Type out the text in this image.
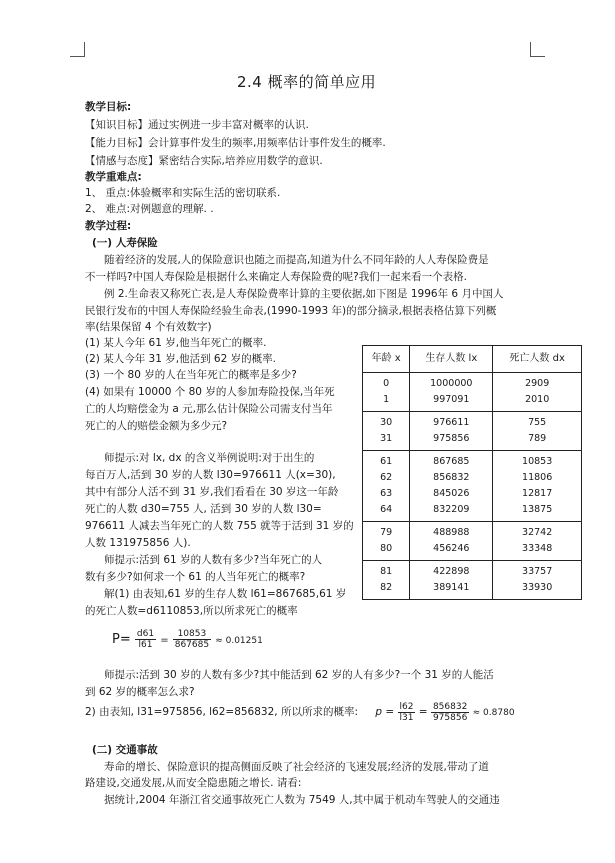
2.4 概率的简单应用
教学目标:
【知识目标】通过实例进一步丰富对概率的认识.
【能力目标】会计算事件发生的频率,用频率估计事件发生的概率.
【情感与态度】紧密结合实际,培养应用数学的意识.
教学重难点:
1、 重点:体验概率和实际生活的密切联系.
2、 难点:对例题意的理解. .
教学过程:
(一) 人寿保险
随着经济的发展,人的保险意识也随之而提高,知道为什么不同年龄的人人寿保险费是
不一样吗?中国人寿保险是根据什么来确定人寿保险费的呢?我们一起来看一个表格.
例 2.生命表又称死亡表,是人寿保险费率计算的主要依据,如下图是 1996年 6 月中国人
民银行发布的中国人寿保险经验生命表,(1990-1993 年)的部分摘录,根据表格估算下列概
率(结果保留 4 个有效数字)
(1) 某人今年 61 岁,他当年死亡的概率.
(2) 某人今年 31 岁,他活到 62 岁的概率.
(3) 一个 80 岁的人在当年死亡的概率是多少?
(4) 如果有 10000 个 80 岁的人参加寿险投保,当年死
亡的人均赔偿金为 a 元,那么估计保险公司需支付当年
死亡的人的赔偿金额为多少元?
师提示:对 lx, dx 的含义举例说明:对于出生的
每百万人,活到 30 岁的人数 l30=976611 人(x=30),
其中有部分人活不到 31 岁,我们看看在 30 岁这一年龄
死亡的人数 d30=755 人, 活到 30 岁的人数 l30=
976611 人减去当年死亡的人数 755 就等于活到 31 岁的
人数 131975856 人).
师提示:活到 61 岁的人数有多少?当年死亡的人
数有多少?如何求一个 61 的人当年死亡的概率?
解(1) 由表知,61 岁的生存人数 l61=867685,61 岁
的死亡人数=d6110853,所以所求死亡的概率
$P= \frac{d61}{l61} = \frac{10853}{867685} \approx 0.01251$
师提示:活到 30 岁的人数有多少?其中能活到 62 岁的人有多少?一个 31 岁的人能活
到 62 岁的概率怎么求?
2) 由表知, l31=975856, l62=856832, 所以所求的概率: $p = \frac{l62}{l31} = \frac{856832}{975856} \approx 0.8780$
(二) 交通事故
寿命的增长、保险意识的提高侧面反映了社会经济的飞速发展;经济的发展,带动了道
路建设,交通发展,从而安全隐患随之增长. 请看:
据统计,2004 年浙江省交通事故死亡人数为 7549 人,其中属于机动车驾驶人的交通违
年龄 x	生存人数 lx	死亡人数 dx
0	1000000	2909
1	997091	2010
30	976611	755
31	975856	789
61	867685	10853
62	856832	11806
63	845026	12817
64	832209	13875
79	488988	32742
80	456246	33348
81	422898	33757
82	389141	33930
